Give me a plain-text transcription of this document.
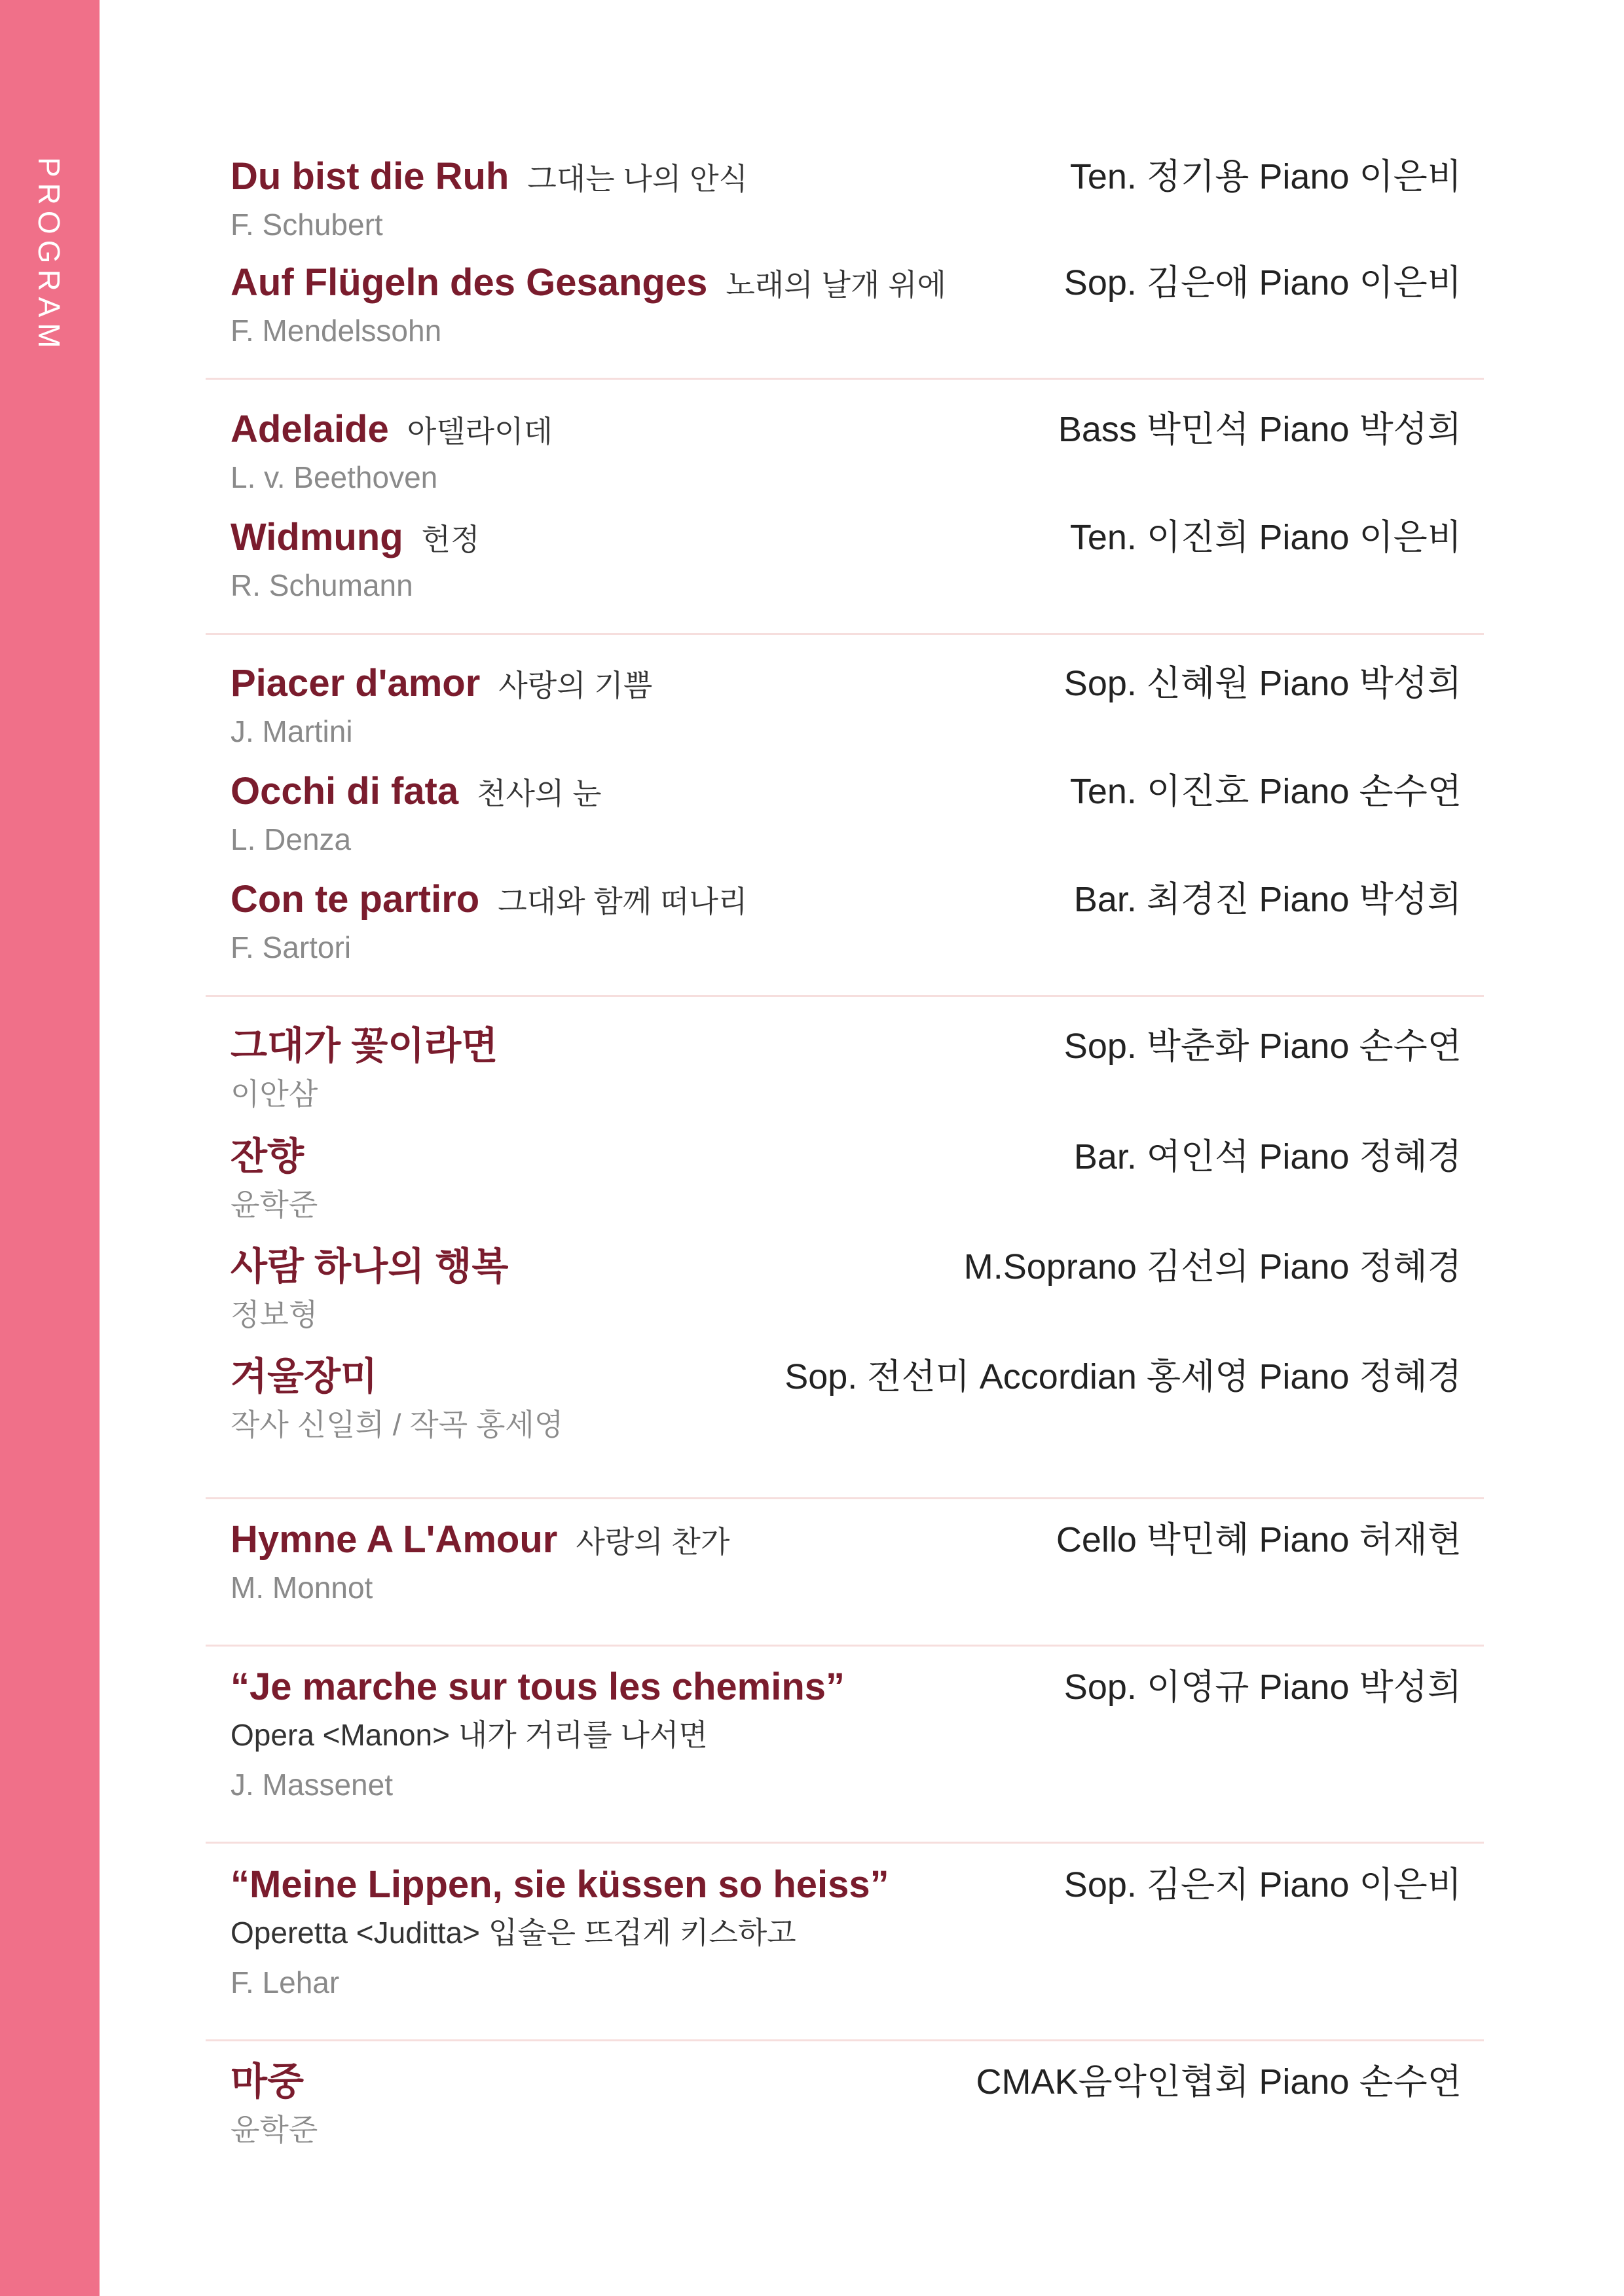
PROGRAM	Du bist die Ruh 그대는 나의 안식	Ten. 정기용 Piano 이은비
F. Schubert
Auf Flügeln des Gesanges 노래의 날개 위에	Sop. 김은애 Piano 이은비
F. Mendelssohn
Adelaide 아델라이데	Bass 박민석 Piano 박성희
L. v. Beethoven
Widmung 헌정	Ten. 이진희 Piano 이은비
R. Schumann
Piacer d'amor 사랑의 기쁨	Sop. 신혜원 Piano 박성희
J. Martini
Occhi di fata 천사의 눈	Ten. 이진호 Piano 손수연
L. Denza
Con te partiro 그대와 함께 떠나리	Bar. 최경진 Piano 박성희
F. Sartori
그대가 꽃이라면	Sop. 박춘화 Piano 손수연
이안삼
잔향	Bar. 여인석 Piano 정혜경
윤학준
사람 하나의 행복	M.Soprano 김선의 Piano 정혜경
정보형
겨울장미	Sop. 전선미 Accordian 홍세영 Piano 정혜경
작사 신일희 / 작곡 홍세영
Hymne A L'Amour 사랑의 찬가	Cello 박민혜 Piano 허재현
M. Monnot
“Je marche sur tous les chemins”	Sop. 이영규 Piano 박성희
Opera <Manon> 내가 거리를 나서면
J. Massenet
“Meine Lippen, sie küssen so heiss”	Sop. 김은지 Piano 이은비
Operetta <Juditta> 입술은 뜨겁게 키스하고
F. Lehar
마중	CMAK음악인협회 Piano 손수연
윤학준
